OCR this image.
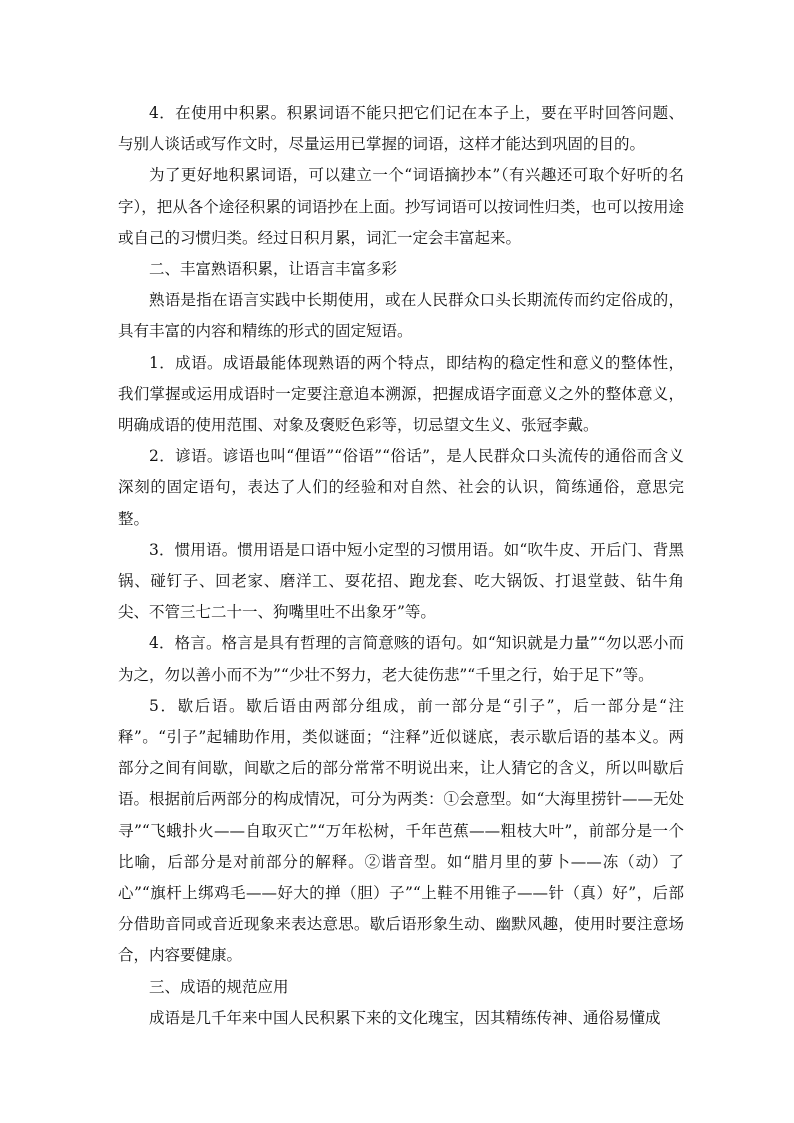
4．在使用中积累。积累词语不能只把它们记在本子上，要在平时回答问题、与别人谈话或写作文时，尽量运用已掌握的词语，这样才能达到巩固的目的。

为了更好地积累词语，可以建立一个“词语摘抄本”（有兴趣还可取个好听的名字），把从各个途径积累的词语抄在上面。抄写词语可以按词性归类，也可以按用途或自己的习惯归类。经过日积月累，词汇一定会丰富起来。

二、丰富熟语积累，让语言丰富多彩

熟语是指在语言实践中长期使用，或在人民群众口头长期流传而约定俗成的，具有丰富的内容和精练的形式的固定短语。

1．成语。成语最能体现熟语的两个特点，即结构的稳定性和意义的整体性，我们掌握或运用成语时一定要注意追本溯源，把握成语字面意义之外的整体意义，明确成语的使用范围、对象及褒贬色彩等，切忌望文生义、张冠李戴。

2．谚语。谚语也叫“俚语”“俗语”“俗话”，是人民群众口头流传的通俗而含义深刻的固定语句，表达了人们的经验和对自然、社会的认识，简练通俗，意思完整。

3．惯用语。惯用语是口语中短小定型的习惯用语。如“吹牛皮、开后门、背黑锅、碰钉子、回老家、磨洋工、耍花招、跑龙套、吃大锅饭、打退堂鼓、钻牛角尖、不管三七二十一、狗嘴里吐不出象牙”等。

4．格言。格言是具有哲理的言简意赅的语句。如“知识就是力量”“勿以恶小而为之，勿以善小而不为”“少壮不努力，老大徒伤悲”“千里之行，始于足下”等。

5．歇后语。歇后语由两部分组成，前一部分是“引子”，后一部分是“注释”。“引子”起辅助作用，类似谜面；“注释”近似谜底，表示歇后语的基本义。两部分之间有间歇，间歇之后的部分常常不明说出来，让人猜它的含义，所以叫歇后语。根据前后两部分的构成情况，可分为两类：①会意型。如“大海里捞针——无处寻”“飞蛾扑火——自取灭亡”“万年松树，千年芭蕉——粗枝大叶”，前部分是一个比喻，后部分是对前部分的解释。②谐音型。如“腊月里的萝卜——冻（动）了心”“旗杆上绑鸡毛——好大的掸（胆）子”“上鞋不用锥子——针（真）好”，后部分借助音同或音近现象来表达意思。歇后语形象生动、幽默风趣，使用时要注意场合，内容要健康。

三、成语的规范应用

成语是几千年来中国人民积累下来的文化瑰宝，因其精练传神、通俗易懂成
